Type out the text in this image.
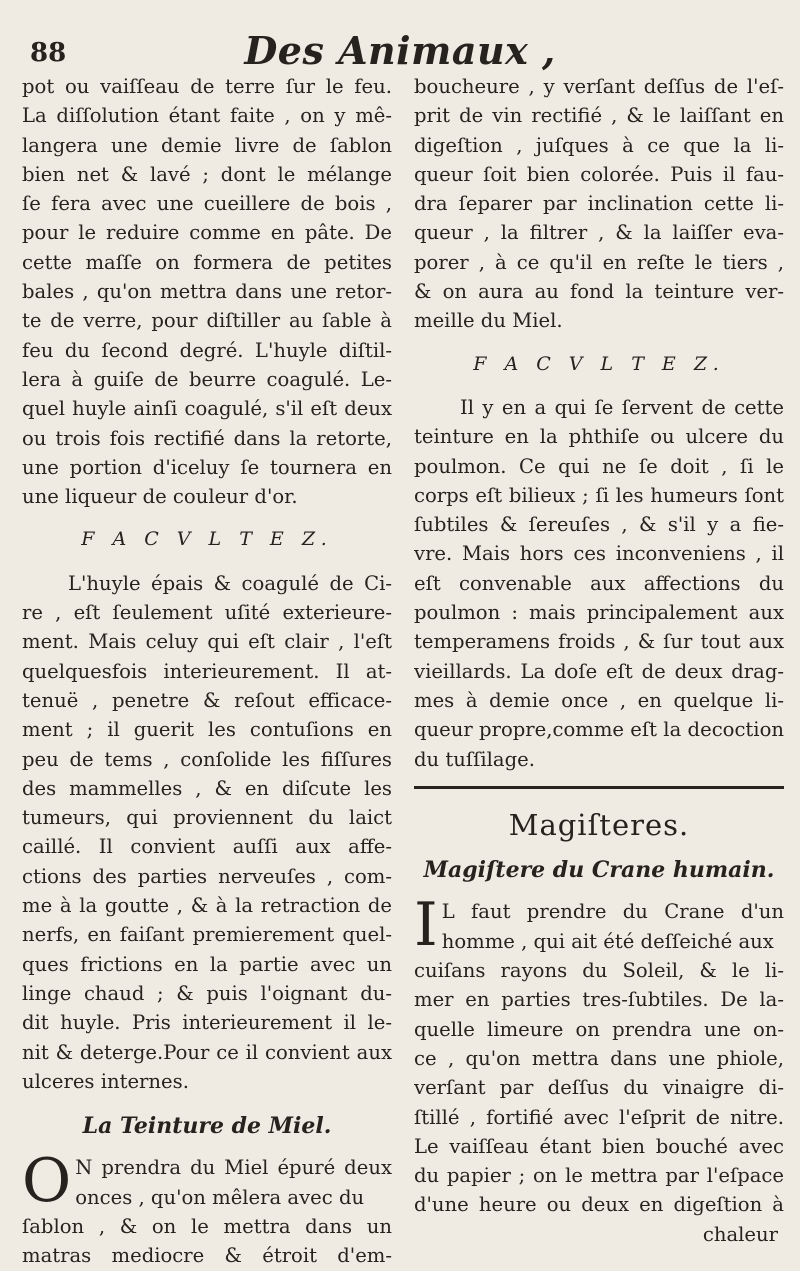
88	Des Animaux ,
pot ou vaiſſeau de terre ſur le feu.
La diſſolution étant faite , on y mê-
langera une demie livre de ſablon
bien net & lavé ; dont le mélange
ſe fera avec une cueillere de bois ,
pour le reduire comme en pâte. De
cette maſſe on formera de petites
bales , qu'on mettra dans une retor-
te de verre, pour diſtiller au ſable à
feu du ſecond degré. L'huyle diſtil-
lera à guiſe de beurre coagulé. Le-
quel huyle ainſi coagulé, s'il eſt deux
ou trois fois rectifié dans la retorte,
une portion d'iceluy ſe tournera en
une liqueur de couleur d'or.
F A C V L T E Z.
L'huyle épais & coagulé de Ci-
re , eſt ſeulement uſité exterieure-
ment. Mais celuy qui eſt clair , l'eſt
quelquesfois interieurement. Il at-
tenuë , penetre & reſout efficace-
ment ; il guerit les contuſions en
peu de tems , conſolide les fiſſures
des mammelles , & en diſcute les
tumeurs, qui proviennent du laict
caillé. Il convient auſſi aux affe-
ctions des parties nerveuſes , com-
me à la goutte , & à la retraction de
nerfs, en faiſant premierement quel-
ques frictions en la partie avec un
linge chaud ; & puis l'oignant du-
dit huyle. Pris interieurement il le-
nit & deterge.Pour ce il convient aux
ulceres internes.
La Teinture de Miel.
O N prendra du Miel épuré deux
onces , qu'on mêlera avec du
ſablon , & on le mettra dans un
matras mediocre & étroit d'em-
boucheure , y verſant deſſus de l'eſ-
prit de vin rectifié , & le laiſſant en
digeſtion , juſques à ce que la li-
queur ſoit bien colorée. Puis il fau-
dra ſeparer par inclination cette li-
queur , la filtrer , & la laiſſer eva-
porer , à ce qu'il en reſte le tiers ,
& on aura au fond la teinture ver-
meille du Miel.
F A C V L T E Z.
Il y en a qui ſe ſervent de cette
teinture en la phthiſe ou ulcere du
poulmon. Ce qui ne ſe doit , ſi le
corps eſt bilieux ; ſi les humeurs ſont
ſubtiles & ſereuſes , & s'il y a fie-
vre. Mais hors ces inconveniens , il
eſt convenable aux affections du
poulmon : mais principalement aux
temperamens froids , & ſur tout aux
vieillards. La doſe eſt de deux drag-
mes à demie once , en quelque li-
queur propre,comme eſt la decoction
du tuſſilage.
Magiſteres.
Magiſtere du Crane humain.
I L faut prendre du Crane d'un
homme , qui ait été deſſeiché aux
cuiſans rayons du Soleil, & le li-
mer en parties tres-ſubtiles. De la-
quelle limeure on prendra une on-
ce , qu'on mettra dans une phiole,
verſant par deſſus du vinaigre di-
ſtillé , fortifié avec l'eſprit de nitre.
Le vaiſſeau étant bien bouché avec
du papier ; on le mettra par l'eſpace
d'une heure ou deux en digeſtion à
chaleur
